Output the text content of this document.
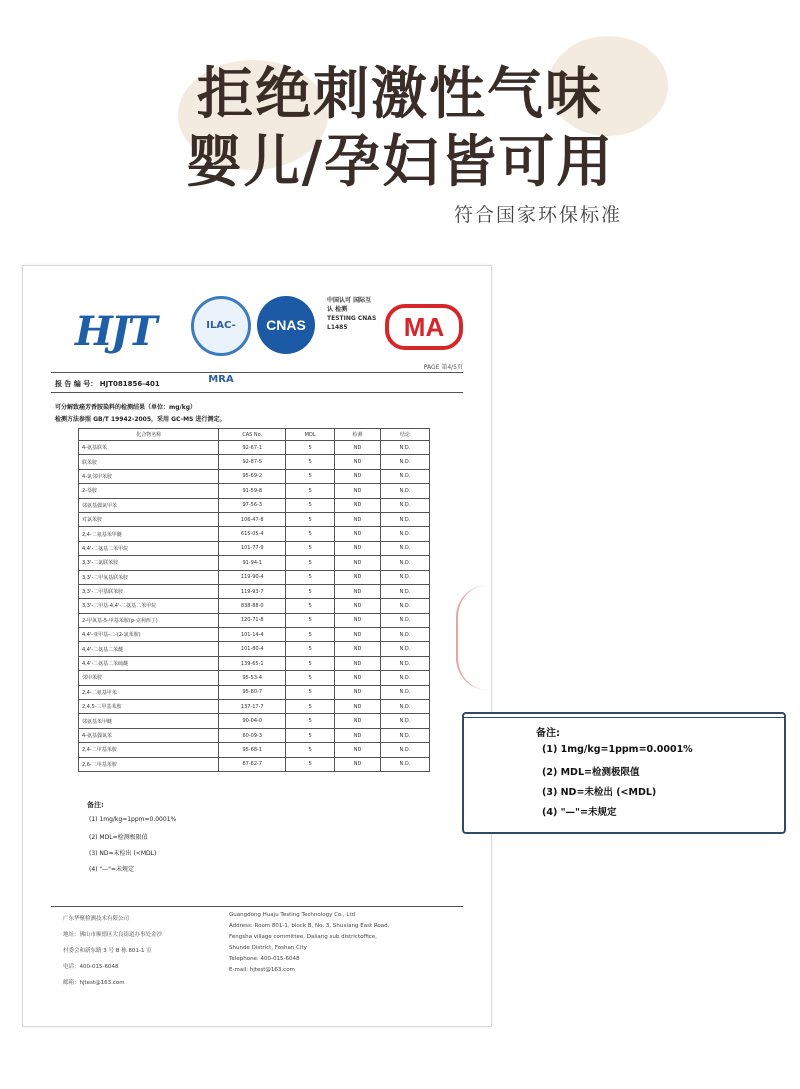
拒绝刺激性气味
婴儿/孕妇皆可用
符合国家环保标准
HJT	ILAC-MRA
CNAS
中国认可 国际互认 检测 TESTING CNAS L1485	MA
PAGE 第4/5页
报 告 编 号： HJT081856-401
可分解致癌芳香胺染料的检测结果（单位：mg/kg）
检测方法参照 GB/T 19942-2005，采用 GC-MS 进行测定。
化合物名称	CAS No.	MDL	检测	结论
4-氨基联苯	92-67-1	5	ND	N.D.
联苯胺	92-87-5	5	ND	N.D.
4-氯邻甲苯胺	95-69-2	5	ND	N.D.
2-萘胺	91-59-8	5	ND	N.D.
邻氨基偶氮甲苯	97-56-3	5	ND	N.D.
对氯苯胺	106-47-8	5	ND	N.D.
2,4-二氨基苯甲醚	615-05-4	5	ND	N.D.
4,4'-二氨基二苯甲烷	101-77-9	5	ND	N.D.
3,3'-二氯联苯胺	91-94-1	5	ND	N.D.
3,3'-二甲氧基联苯胺	119-90-4	5	ND	N.D.
3,3'-二甲基联苯胺	119-93-7	5	ND	N.D.
3,3'-二甲基-4,4'-二氨基二苯甲烷	838-88-0	5	ND	N.D.
2-甲氧基-5-甲基苯胺(p-克利西丁)	120-71-8	5	ND	N.D.
4,4'-亚甲基-二-(2-氯苯胺)	101-14-4	5	ND	N.D.
4,4'-二氨基二苯醚	101-80-4	5	ND	N.D.
4,4'-二氨基二苯硫醚	139-65-1	5	ND	N.D.
邻甲苯胺	95-53-4	5	ND	N.D.
2,4-二氨基甲苯	95-80-7	5	ND	N.D.
2,4,5-三甲基苯胺	137-17-7	5	ND	N.D.
邻氨基苯甲醚	90-04-0	5	ND	N.D.
4-氨基偶氮苯	60-09-3	5	ND	N.D.
2,4-二甲基苯胺	95-68-1	5	ND	N.D.
2,6-二甲基苯胺	87-62-7	5	ND	N.D.
备注:
(1) 1mg/kg=1ppm=0.0001%
(2) MDL=检测极限值
(3) ND=未检出 (<MDL)
(4) "—"=未规定
广东华聚检测技术有限公司
地址：佛山市顺德区大良街道办事处金沙
村委会和新东路 3 号 B 栋 801-1 室
电话：400-015-6048
邮箱：hjtest@163.com
Guangdong Huaju Testing Technology Co., Ltd
Address: Room 801-1, block B, No. 3, Shuxiang East Road,
Fengsha village committee, Daliang sub districtoffice,
Shunde District, Foshan City
Telephone: 400-015-6048
E-mail: hjtest@163.com
备注:
(1) 1mg/kg=1ppm=0.0001%
(2) MDL=检测极限值
(3) ND=未检出 (<MDL)
(4) "—"=未规定
